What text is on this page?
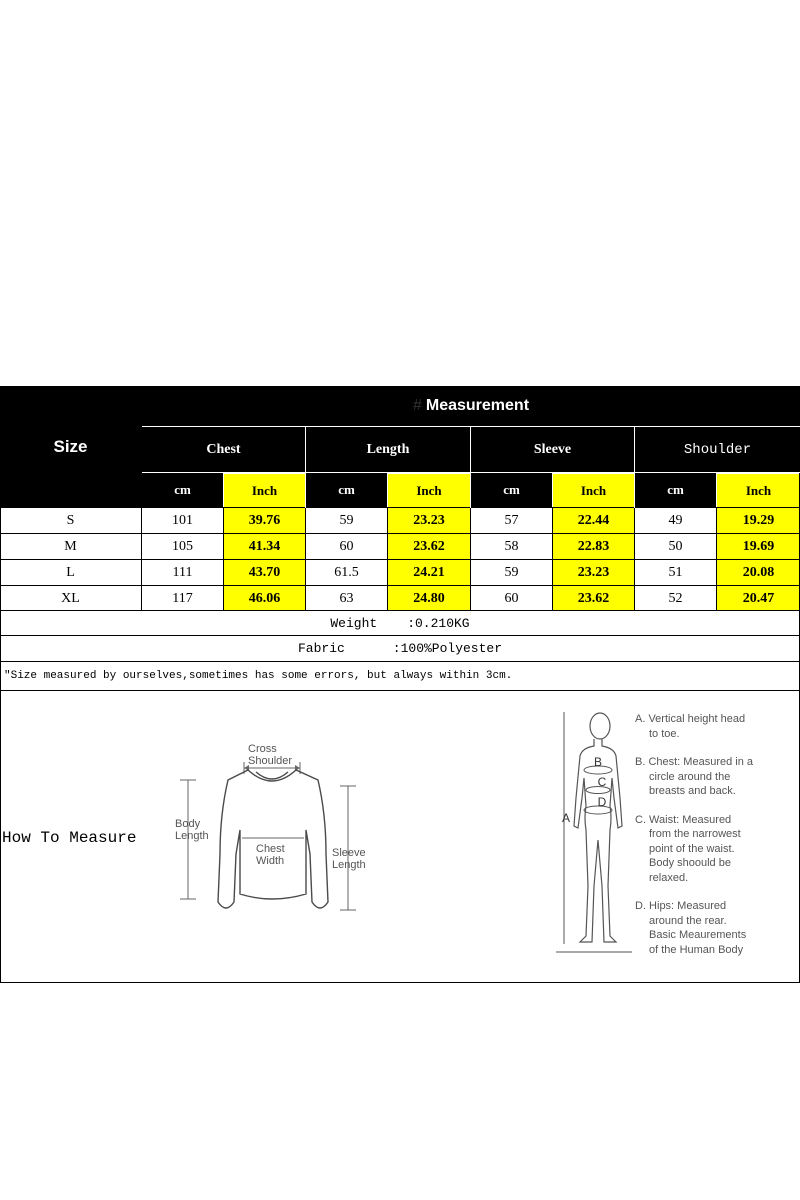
Size
# Measurement
Chest	Length	Sleeve	Shoulder
cm	Inch	cm	Inch	cm	Inch	cm	Inch
S	101	39.76	59	23.23	57	22.44	49	19.29
M	105	41.34	60	23.62	58	22.83	50	19.69
L	111	43.70	61.5	24.21	59	23.23	51	20.08
XL	117	46.06	63	24.80	60	23.62	52	20.47
Weight :0.210KG
Fabric	:100%Polyester
"Size measured by ourselves,sometimes has some errors, but always within 3cm.
How To Measure
Cross
Shoulder
Body
Length
Chest
Width
Sleeve
Length
B
C
D
A
A. Vertical height head
to toe.
B. Chest: Measured in a
circle around the
breasts and back.
C. Waist: Measured
from the narrowest
point of the waist.
Body shoould be
relaxed.
D. Hips: Measured
around the rear.
Basic Meaurements
of the Human Body
